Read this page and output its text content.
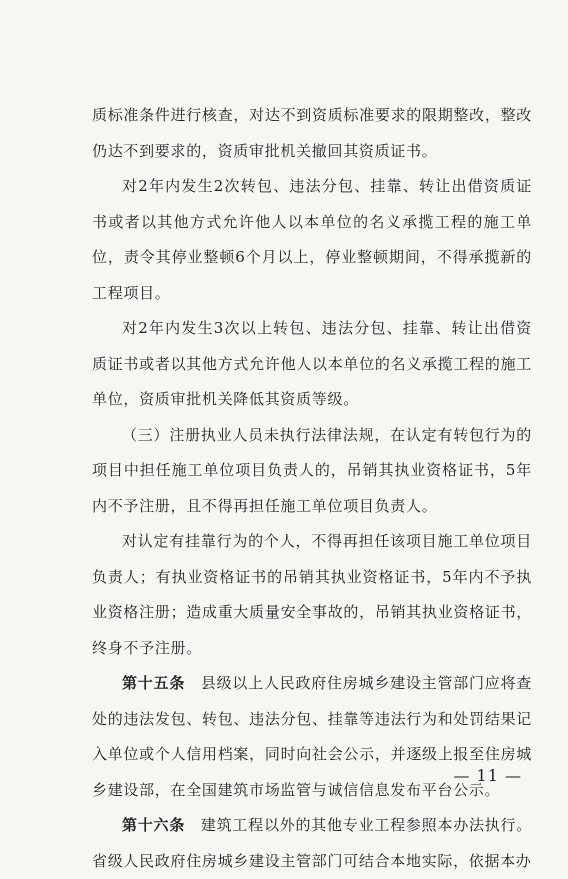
质标准条件进行核查，对达不到资质标准要求的限期整改，整改仍达不到要求的，资质审批机关撤回其资质证书。

对2年内发生2次转包、违法分包、挂靠、转让出借资质证书或者以其他方式允许他人以本单位的名义承揽工程的施工单位，责令其停业整顿6个月以上，停业整顿期间，不得承揽新的工程项目。

对2年内发生3次以上转包、违法分包、挂靠、转让出借资质证书或者以其他方式允许他人以本单位的名义承揽工程的施工单位，资质审批机关降低其资质等级。

（三）注册执业人员未执行法律法规，在认定有转包行为的项目中担任施工单位项目负责人的，吊销其执业资格证书，5年内不予注册，且不得再担任施工单位项目负责人。

对认定有挂靠行为的个人，不得再担任该项目施工单位项目负责人；有执业资格证书的吊销其执业资格证书，5年内不予执业资格注册；造成重大质量安全事故的，吊销其执业资格证书，终身不予注册。

第十五条  县级以上人民政府住房城乡建设主管部门应将查处的违法发包、转包、违法分包、挂靠等违法行为和处罚结果记入单位或个人信用档案，同时向社会公示，并逐级上报至住房城乡建设部，在全国建筑市场监管与诚信信息发布平台公示。

第十六条  建筑工程以外的其他专业工程参照本办法执行。省级人民政府住房城乡建设主管部门可结合本地实际，依据本办

— 11 —
